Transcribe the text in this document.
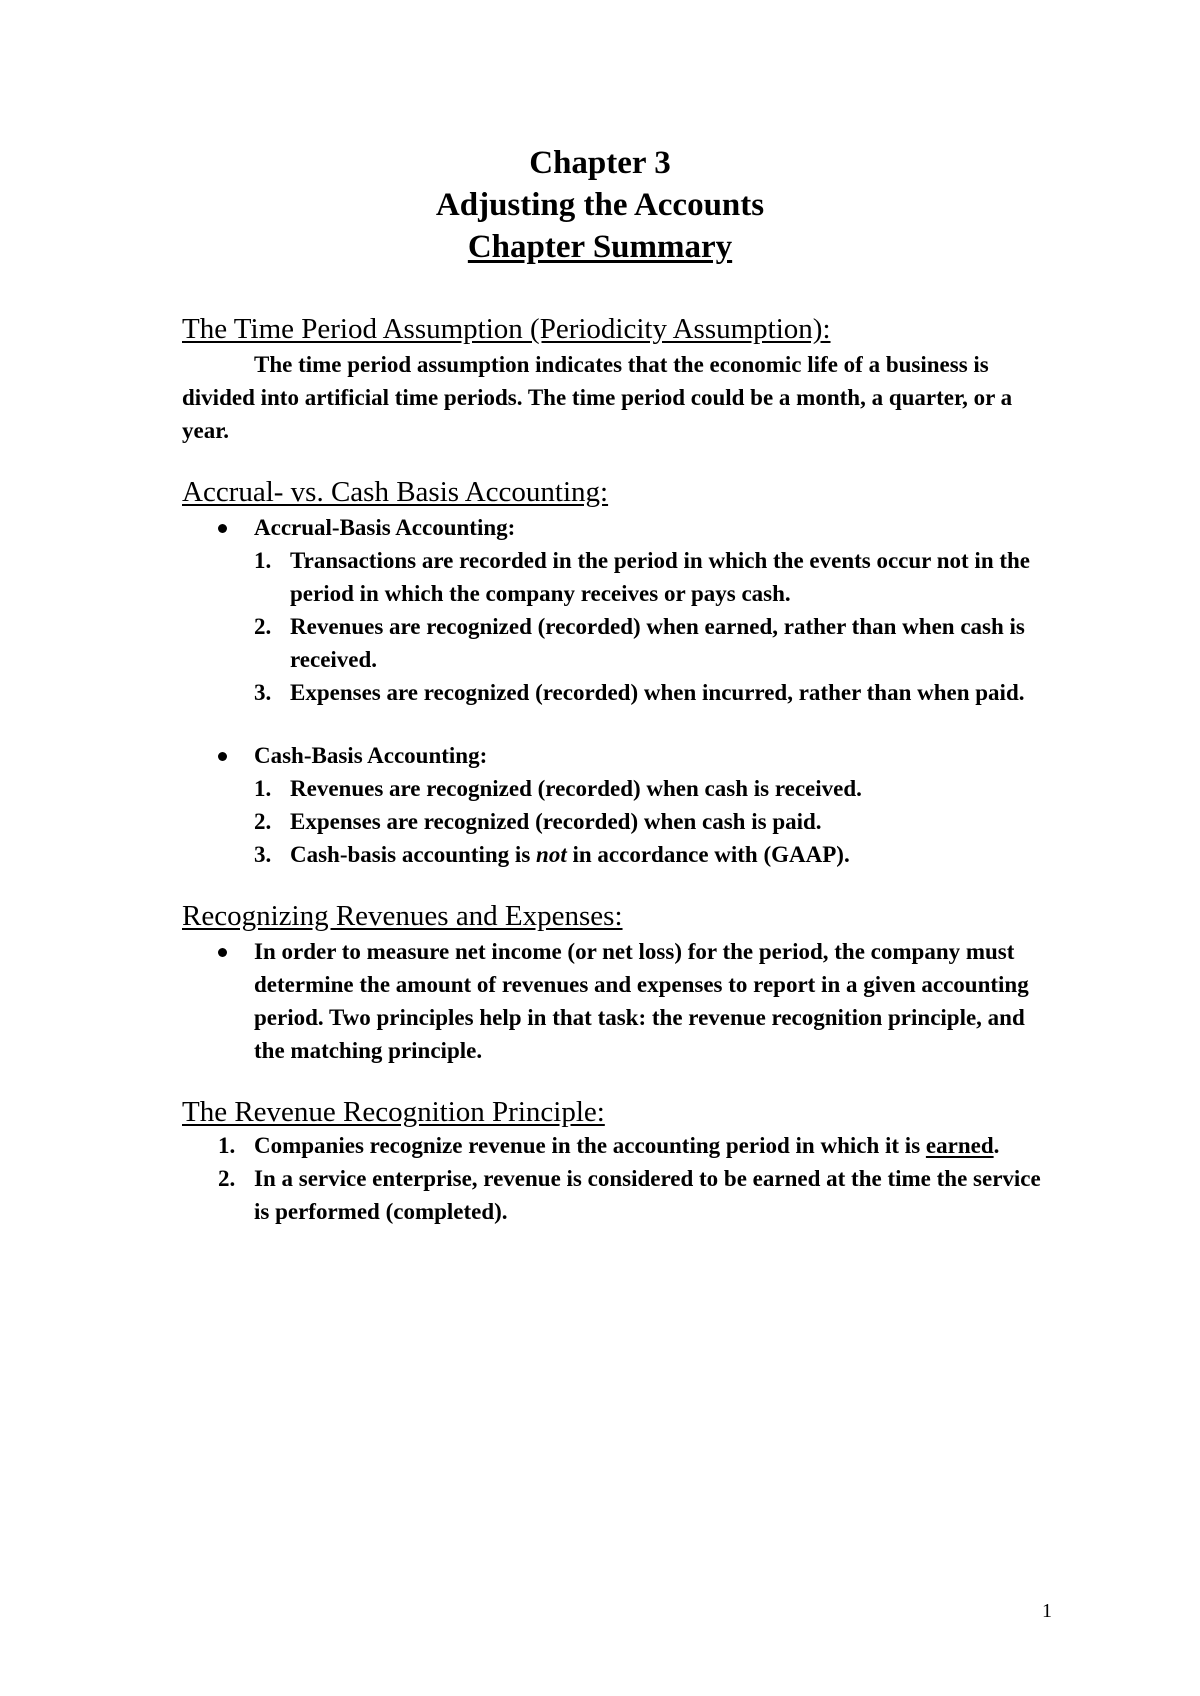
Chapter 3
Adjusting the Accounts
Chapter Summary
The Time Period Assumption (Periodicity Assumption):

The time period assumption indicates that the economic life of a business is divided into artificial time periods. The time period could be a month, a quarter, or a year.

Accrual- vs. Cash Basis Accounting:
Accrual-Basis Accounting:
1. Transactions are recorded in the period in which the events occur not in the period in which the company receives or pays cash.
2. Revenues are recognized (recorded) when earned, rather than when cash is received.
3. Expenses are recognized (recorded) when incurred, rather than when paid.
Cash-Basis Accounting:
1. Revenues are recognized (recorded) when cash is received.
2. Expenses are recognized (recorded) when cash is paid.
3. Cash-basis accounting is not in accordance with (GAAP).
Recognizing Revenues and Expenses:
In order to measure net income (or net loss) for the period, the company must determine the amount of revenues and expenses to report in a given accounting period. Two principles help in that task: the revenue recognition principle, and the matching principle.
The Revenue Recognition Principle:
1. Companies recognize revenue in the accounting period in which it is earned.
2. In a service enterprise, revenue is considered to be earned at the time the service is performed (completed).
1
